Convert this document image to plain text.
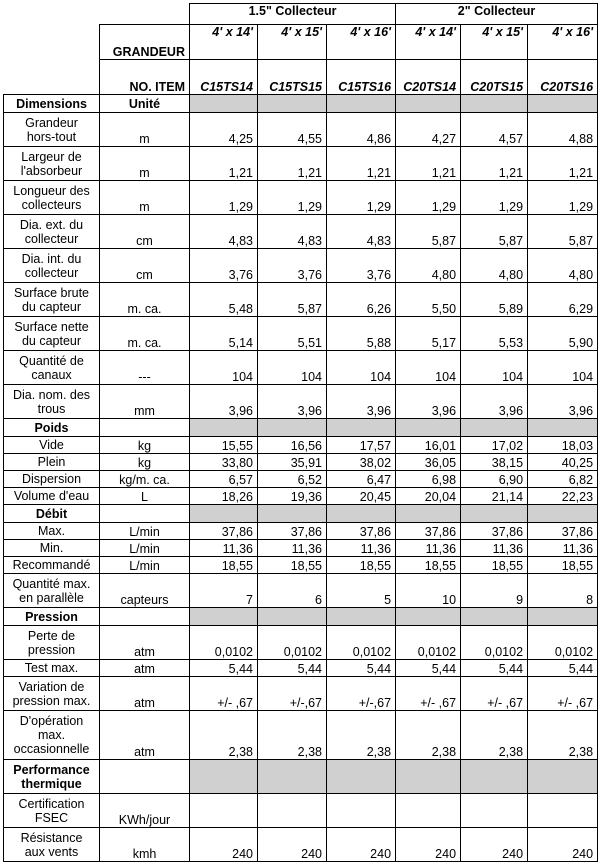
		1.5" Collecteur			2" Collecteur		
	GRANDEUR	4' x 14'	4' x 15'	4' x 16'	4' x 14'	4' x 15'	4' x 16'
	NO. ITEM	C15TS14	C15TS15	C15TS16	C20TS14	C20TS15	C20TS16
Dimensions	Unité						

Grandeur
hors-tout	m	4,25	4,55	4,86	4,27	4,57	4,88

Largeur de
l'absorbeur	m	1,21	1,21	1,21	1,21	1,21	1,21

Longueur des
collecteurs	m	1,29	1,29	1,29	1,29	1,29	1,29

Dia. ext. du
collecteur	cm	4,83	4,83	4,83	5,87	5,87	5,87

Dia. int. du
collecteur	cm	3,76	3,76	3,76	4,80	4,80	4,80

Surface brute
du capteur	m. ca.	5,48	5,87	6,26	5,50	5,89	6,29

Surface nette
du capteur	m. ca.	5,14	5,51	5,88	5,17	5,53	5,90

Quantité de
canaux	---	104	104	104	104	104	104

Dia. nom. des
trous	mm	3,96	3,96	3,96	3,96	3,96	3,96
Poids							

Vide	kg	15,55	16,56	17,57	16,01	17,02	18,03

Plein	kg	33,80	35,91	38,02	36,05	38,15	40,25

Dispersion	kg/m. ca.	6,57	6,52	6,47	6,98	6,90	6,82

Volume d'eau	L	18,26	19,36	20,45	20,04	21,14	22,23
Débit							

Max.	L/min	37,86	37,86	37,86	37,86	37,86	37,86

Min.	L/min	11,36	11,36	11,36	11,36	11,36	11,36

Recommandé	L/min	18,55	18,55	18,55	18,55	18,55	18,55

Quantité max.
en parallèle	capteurs	7	6	5	10	9	8
Pression							

Perte de
pression	atm	0,0102	0,0102	0,0102	0,0102	0,0102	0,0102

Test max.	atm	5,44	5,44	5,44	5,44	5,44	5,44

Variation de
pression max.	atm	+/- ,67	+/-,67	+/-,67	+/- ,67	+/- ,67	+/- ,67

D'opération
max.
occasionnelle	atm	2,38	2,38	2,38	2,38	2,38	2,38
Performance thermique							

Certification
FSEC	KWh/jour						

Résistance
aux vents	kmh	240	240	240	240	240	240
